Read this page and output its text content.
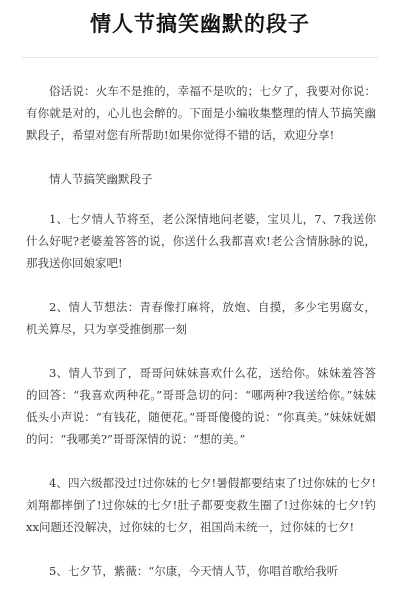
情人节搞笑幽默的段子

俗话说：火车不是推的，幸福不是吹的；七夕了，我要对你说：有你就是对的，心儿也会醉的。下面是小编收集整理的情人节搞笑幽默段子，希望对您有所帮助!如果你觉得不错的话，欢迎分享!

情人节搞笑幽默段子

1、七夕情人节将至，老公深情地问老婆，宝贝儿，7、7我送你什么好呢?老婆羞答答的说，你送什么我都喜欢!老公含情脉脉的说，那我送你回娘家吧!

2、情人节想法：青春像打麻将，放炮、自摸，多少宅男腐女，机关算尽，只为享受推倒那一刻

3、情人节到了，哥哥问妹妹喜欢什么花，送给你。妹妹羞答答的回答：“我喜欢两种花。”哥哥急切的问：“哪两种?我送给你。”妹妹低头小声说：“有钱花，随便花。”哥哥傻傻的说：“你真美。”妹妹妩媚的问：“我哪美?”哥哥深情的说：“想的美。”

4、四六级都没过!过你妹的七夕!暑假都要结束了!过你妹的七夕!刘翔都摔倒了!过你妹的七夕!肚子都要变救生圈了!过你妹的七夕!钓xx问题还没解决，过你妹的七夕，祖国尚未统一，过你妹的七夕!

5、七夕节，紫薇：“尔康，今天情人节，你唱首歌给我听
